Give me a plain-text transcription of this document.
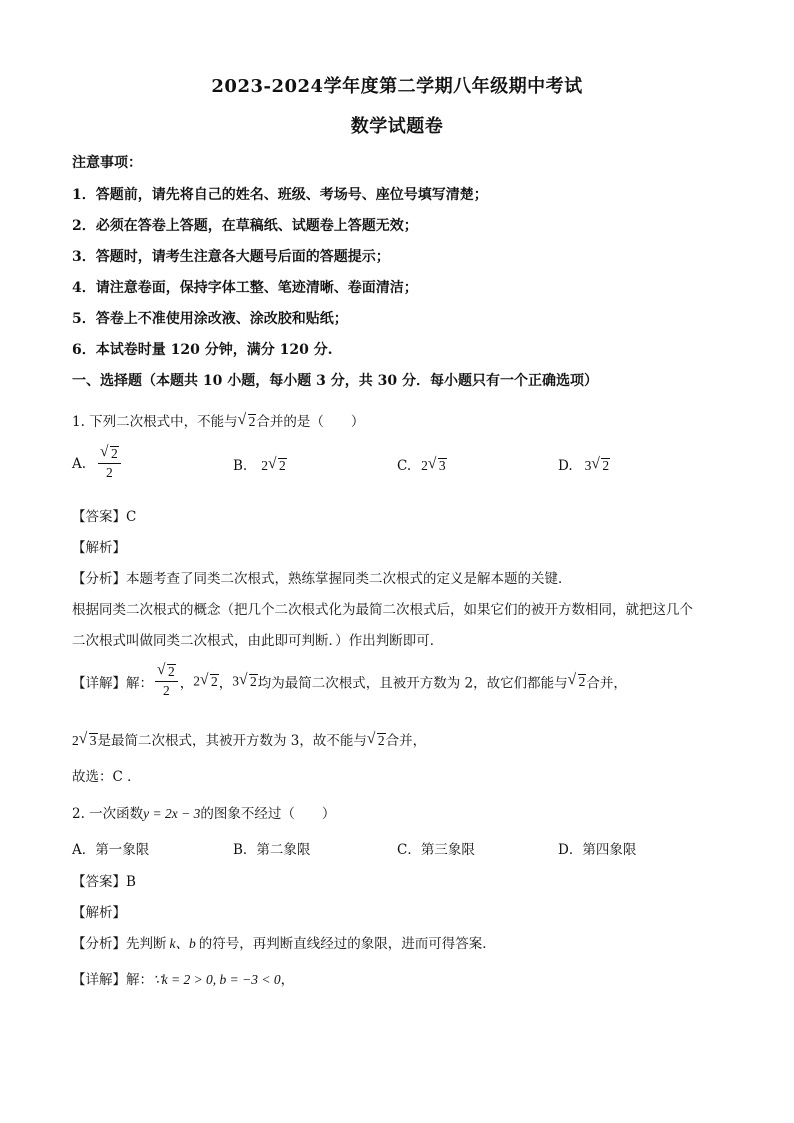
2023-2024学年度第二学期八年级期中考试
数学试题卷
注意事项：
1．答题前，请先将自己的姓名、班级、考场号、座位号填写清楚；
2．必须在答卷上答题，在草稿纸、试题卷上答题无效；
3．答题时，请考生注意各大题号后面的答题提示；
4．请注意卷面，保持字体工整、笔迹清晰、卷面清洁；
5．答卷上不准使用涂改液、涂改胶和贴纸；
6．本试卷时量 120 分钟，满分 120 分.
一、选择题（本题共 10 小题，每小题 3 分，共 30 分．每小题只有一个正确选项）
1. 下列二次根式中，不能与 √ 2合并的是（　　）
A. $\frac{√ 2}{2}$	B. 2 √ 2	C. 2 √ 3	D. 3 √ 2
【答案】C
【解析】
【分析】本题考查了同类二次根式，熟练掌握同类二次根式的定义是解本题的关键．
根据同类二次根式的概念（把几个二次根式化为最简二次根式后，如果它们的被开方数相同，就把这几个
二次根式叫做同类二次根式，由此即可判断．）作出判断即可．
【详解】解： $\frac{√ 2}{2}$ ，2 √ 2，3 √ 2均为最简二次根式，且被开方数为 2，故它们都能与 √ 2合并，
2 √ 3是最简二次根式，其被开方数为 3，故不能与 √ 2合并，
故选：C ．
2. 一次函数y = 2x − 3的图象不经过（　　）
A．第一象限	B．第二象限	C．第三象限	D．第四象限
【答案】B
【解析】
【分析】先判断 k、b 的符号，再判断直线经过的象限，进而可得答案．
【详解】解：∵k = 2 > 0, b = −3 < 0，
